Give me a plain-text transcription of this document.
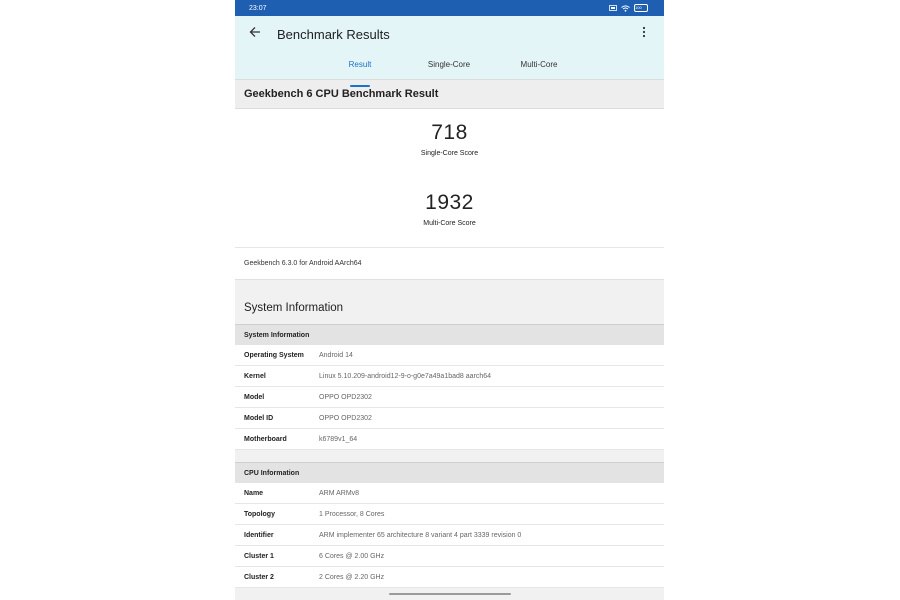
23:07	100
Benchmark Results
Result	Single-Core	Multi-Core
Geekbench 6 CPU Benchmark Result
718
Single-Core Score
1932
Multi-Core Score
Geekbench 6.3.0 for Android AArch64
System Information
System Information
Operating System	Android 14
Kernel	Linux 5.10.209-android12-9-o-g0e7a49a1bad8 aarch64
Model	OPPO OPD2302
Model ID	OPPO OPD2302
Motherboard	k6789v1_64
CPU Information
Name	ARM ARMv8
Topology	1 Processor, 8 Cores
Identifier	ARM implementer 65 architecture 8 variant 4 part 3339 revision 0
Cluster 1	6 Cores @ 2.00 GHz
Cluster 2	2 Cores @ 2.20 GHz
